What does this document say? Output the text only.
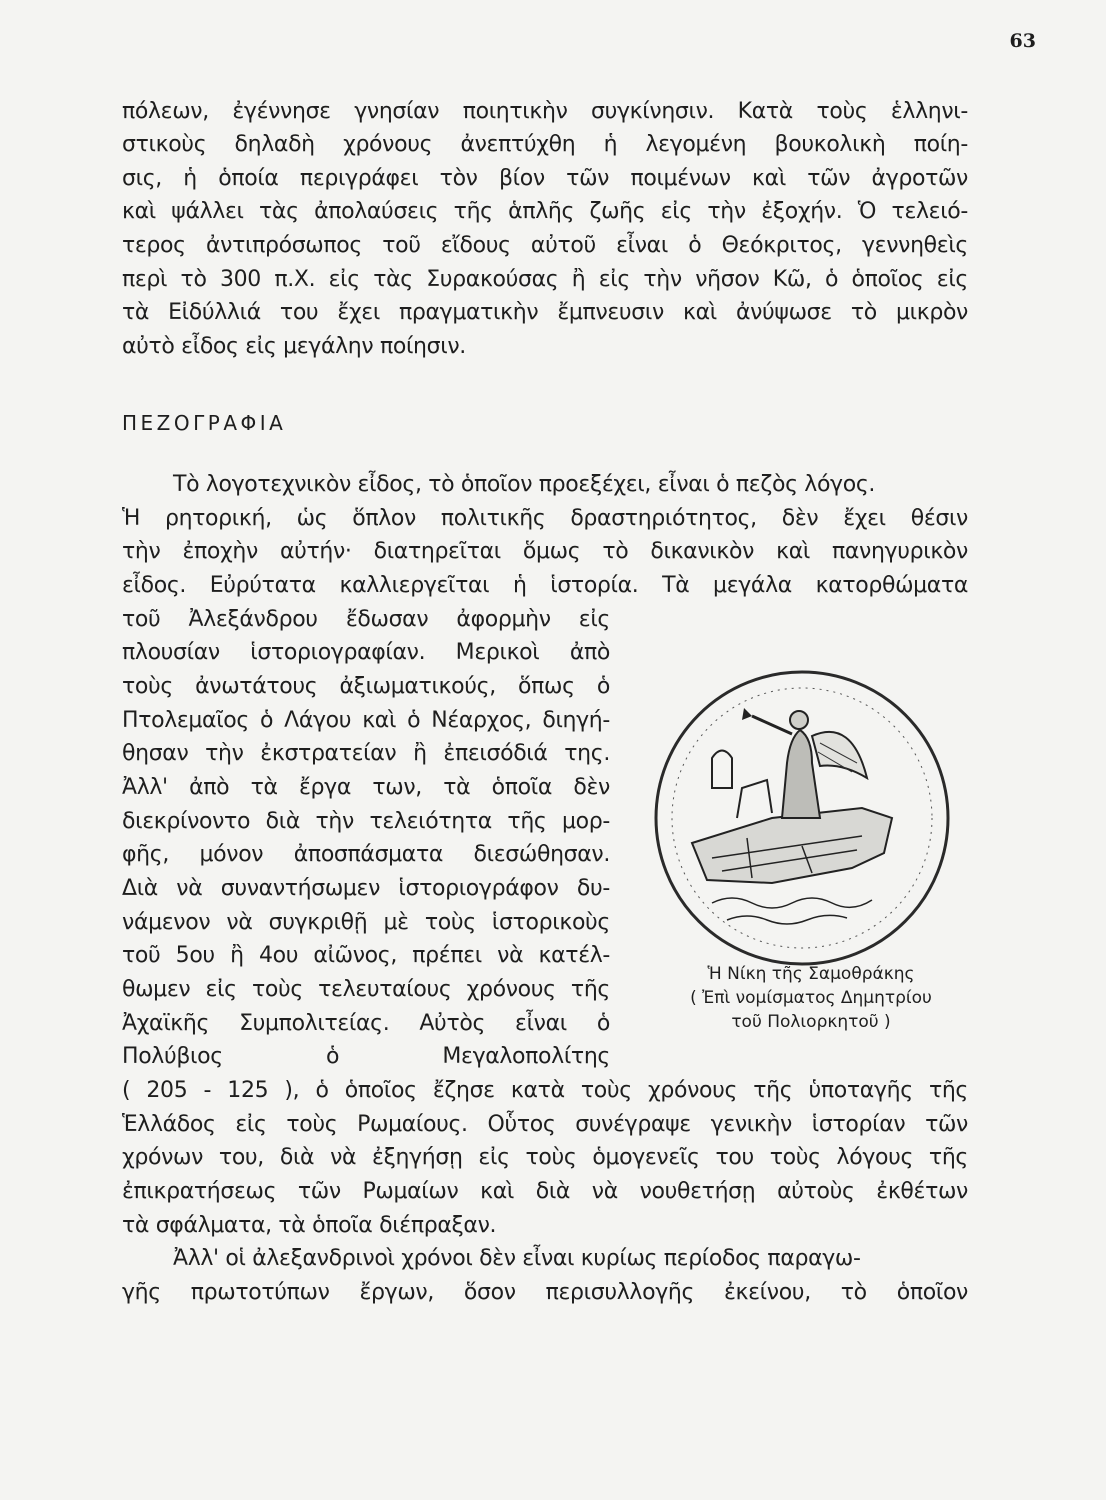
63

πόλεων, ἐγέννησε γνησίαν ποιητικὴν συγκίνησιν. Κατὰ τοὺς ἑλληνι-

στικοὺς δηλαδὴ χρόνους ἀνεπτύχθη ἡ λεγομένη βουκολικὴ ποίη-

σις, ἡ ὁποία περιγράφει τὸν βίον τῶν ποιμένων καὶ τῶν ἀγροτῶν

καὶ ψάλλει τὰς ἀπολαύσεις τῆς ἁπλῆς ζωῆς εἰς τὴν ἐξοχήν. Ὁ τελειό-

τερος ἀντιπρόσωπος τοῦ εἴδους αὐτοῦ εἶναι ὁ Θεόκριτος, γεννηθεὶς

περὶ τὸ 300 π.Χ. εἰς τὰς Συρακούσας ἢ εἰς τὴν νῆσον Κῶ, ὁ ὁποῖος εἰς

τὰ Εἰδύλλιά του ἔχει πραγματικὴν ἔμπνευσιν καὶ ἀνύψωσε τὸ μικρὸν

αὐτὸ εἶδος εἰς μεγάλην ποίησιν.

ΠΕΖΟΓΡΑΦΙΑ

Τὸ λογοτεχνικὸν εἶδος, τὸ ὁποῖον προεξέχει, εἶναι ὁ πεζὸς λόγος.

Ἡ ρητορική, ὡς ὅπλον πολιτικῆς δραστηριότητος, δὲν ἔχει θέσιν

τὴν ἐποχὴν αὐτήν· διατηρεῖται ὅμως τὸ δικανικὸν καὶ πανηγυρικὸν

εἶδος. Εὐρύτατα καλλιεργεῖται ἡ ἱστορία. Τὰ μεγάλα κατορθώματα

τοῦ Ἀλεξάνδρου ἔδωσαν ἀφορμὴν εἰς

πλουσίαν ἱστοριογραφίαν. Μερικοὶ ἀπὸ

τοὺς ἀνωτάτους ἀξιωματικούς, ὅπως ὁ

Πτολεμαῖος ὁ Λάγου καὶ ὁ Νέαρχος, διηγή-

θησαν τὴν ἐκστρατείαν ἢ ἐπεισόδιά της.

Ἀλλ' ἀπὸ τὰ ἔργα των, τὰ ὁποῖα δὲν

διεκρίνοντο διὰ τὴν τελειότητα τῆς μορ-

φῆς, μόνον ἀποσπάσματα διεσώθησαν.

Διὰ νὰ συναντήσωμεν ἱστοριογράφον δυ-

νάμενον νὰ συγκριθῇ μὲ τοὺς ἱστορικοὺς

τοῦ 5ου ἢ 4ου αἰῶνος, πρέπει νὰ κατέλ-

θωμεν εἰς τοὺς τελευταίους χρόνους τῆς

Ἀχαϊκῆς Συμπολιτείας. Αὐτὸς εἶναι ὁ

Πολύβιος ὁ Μεγαλοπολίτης

( 205 - 125 ), ὁ ὁποῖος ἔζησε κατὰ τοὺς χρόνους τῆς ὑποταγῆς τῆς

Ἑλλάδος εἰς τοὺς Ρωμαίους. Οὗτος συνέγραψε γενικὴν ἱστορίαν τῶν

χρόνων του, διὰ νὰ ἐξηγήσῃ εἰς τοὺς ὁμογενεῖς του τοὺς λόγους τῆς

ἐπικρατήσεως τῶν Ρωμαίων καὶ διὰ νὰ νουθετήσῃ αὐτοὺς ἐκθέτων

τὰ σφάλματα, τὰ ὁποῖα διέπραξαν.

Ἀλλ' οἱ ἀλεξανδρινοὶ χρόνοι δὲν εἶναι κυρίως περίοδος παραγω-

γῆς πρωτοτύπων ἔργων, ὅσον περισυλλογῆς ἐκείνου, τὸ ὁποῖον

Ἡ Νίκη τῆς Σαμοθράκης
( Ἐπὶ νομίσματος Δημητρίου
τοῦ Πολιορκητοῦ )
